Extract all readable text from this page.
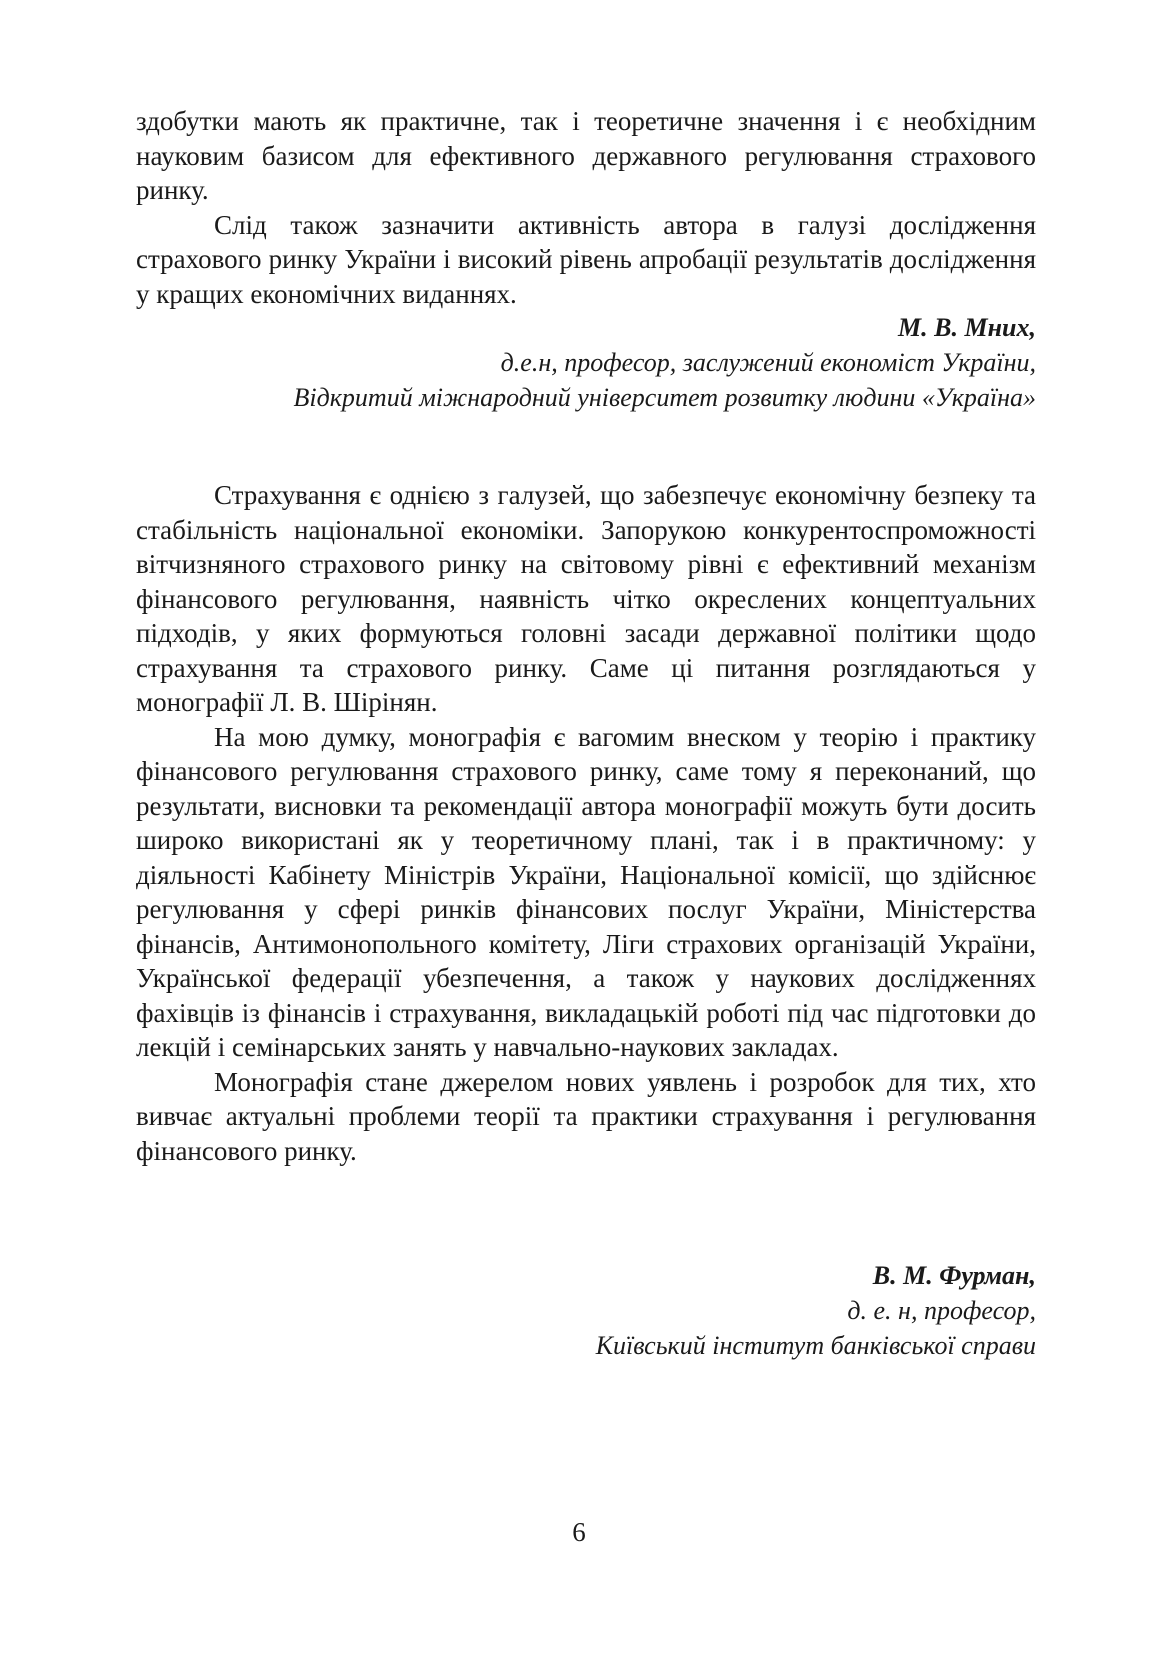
здобутки мають як практичне, так і теоретичне значення і є необхідним науковим базисом для ефективного державного регулювання страхового ринку.

Слід також зазначити активність автора в галузі дослідження страхового ринку України і високий рівень апробації результатів дослідження у кращих економічних виданнях.

М. В. Мних,
д.е.н, професор, заслужений економіст України,
Відкритий міжнародний університет розвитку людини «Україна»

Страхування є однією з галузей, що забезпечує економічну безпеку та стабільність національної економіки. Запорукою конкурентоспроможності вітчизняного страхового ринку на світовому рівні є ефективний механізм фінансового регулювання, наявність чітко окреслених концептуальних підходів, у яких формуються головні засади державної політики щодо страхування та страхового ринку. Саме ці питання розглядаються у монографії Л. В. Шірінян.

На мою думку, монографія є вагомим внеском у теорію і практику фінансового регулювання страхового ринку, саме тому я переконаний, що результати, висновки та рекомендації автора монографії можуть бути досить широко використані як у теоретичному плані, так і в практичному: у діяльності Кабінету Міністрів України, Національної комісії, що здійснює регулювання у сфері ринків фінансових послуг України, Міністерства фінансів, Антимонопольного комітету, Ліги страхових організацій України, Української федерації убезпечення, а також у наукових дослідженнях фахівців із фінансів і страхування, викладацькій роботі під час підготовки до лекцій і семінарських занять у навчально-наукових закладах.

Монографія стане джерелом нових уявлень і розробок для тих, хто вивчає актуальні проблеми теорії та практики страхування і регулювання фінансового ринку.

В. М. Фурман,
д. е. н, професор,
Київський інститут банківської справи
6
